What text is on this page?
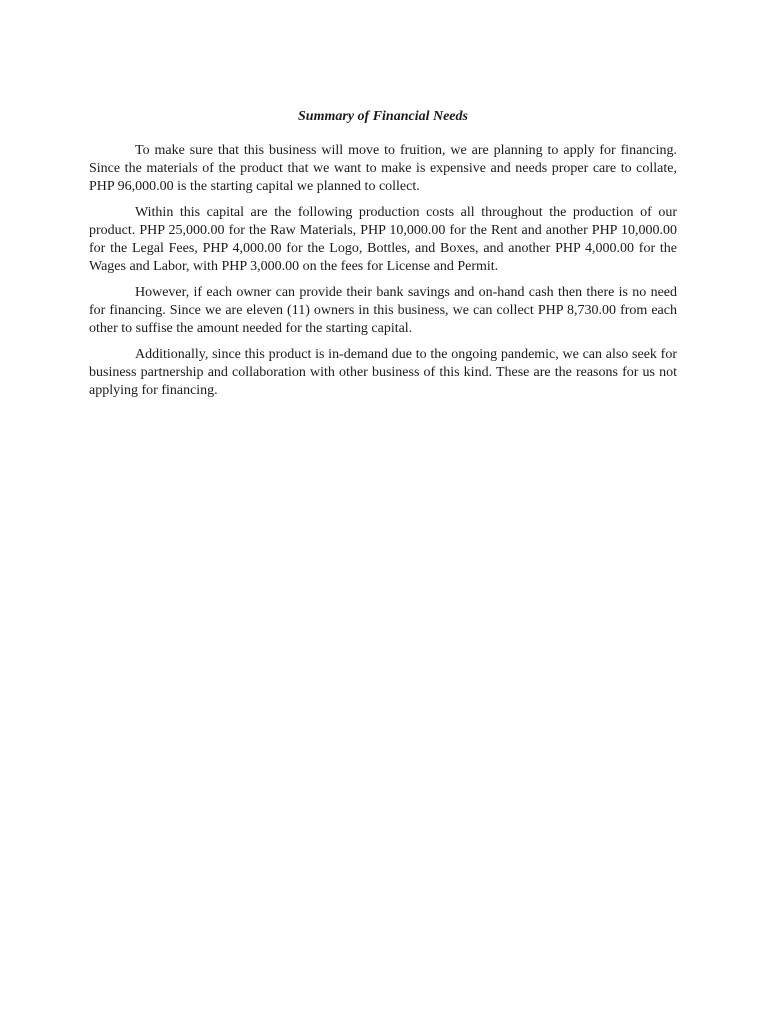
Summary of Financial Needs

To make sure that this business will move to fruition, we are planning to apply for financing. Since the materials of the product that we want to make is expensive and needs proper care to collate, PHP 96,000.00 is the starting capital we planned to collect.

Within this capital are the following production costs all throughout the production of our product. PHP 25,000.00 for the Raw Materials, PHP 10,000.00 for the Rent and another PHP 10,000.00 for the Legal Fees, PHP 4,000.00 for the Logo, Bottles, and Boxes, and another PHP 4,000.00 for the Wages and Labor, with PHP 3,000.00 on the fees for License and Permit.

However, if each owner can provide their bank savings and on-hand cash then there is no need for financing. Since we are eleven (11) owners in this business, we can collect PHP 8,730.00 from each other to suffise the amount needed for the starting capital.

Additionally, since this product is in-demand due to the ongoing pandemic, we can also seek for business partnership and collaboration with other business of this kind. These are the reasons for us not applying for financing.
